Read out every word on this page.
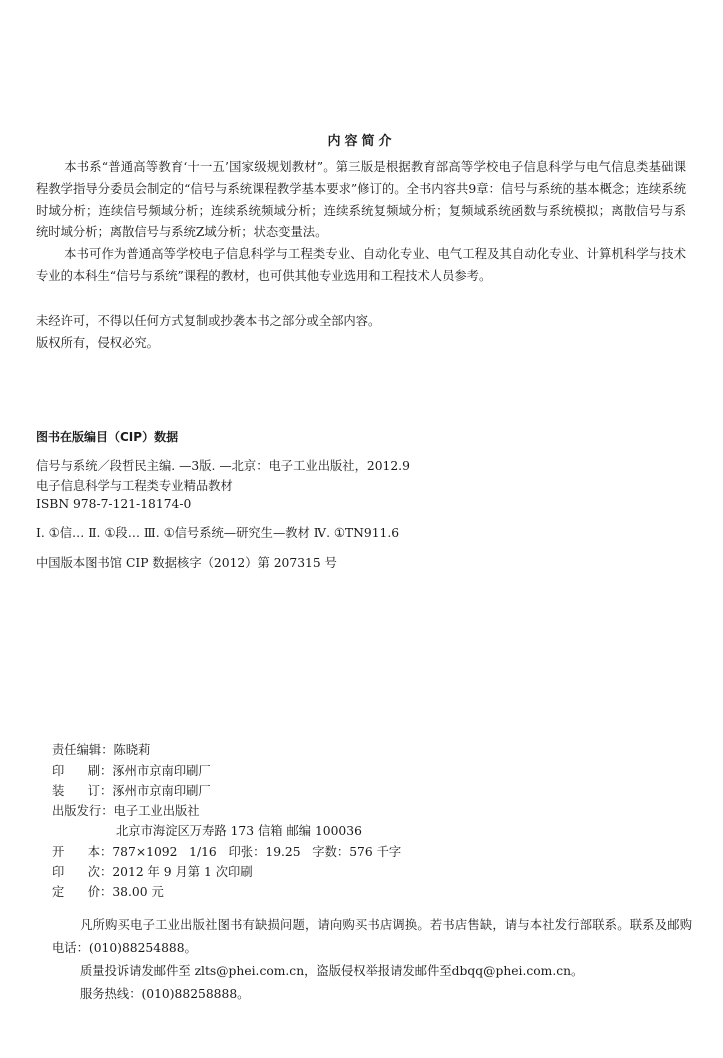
内容简介

本书系“普通高等教育‘十一五’国家级规划教材”。第三版是根据教育部高等学校电子信息科学与电气信息类基础课程教学指导分委员会制定的“信号与系统课程教学基本要求”修订的。全书内容共9章：信号与系统的基本概念；连续系统时域分析；连续信号频域分析；连续系统频域分析；连续系统复频域分析；复频域系统函数与系统模拟；离散信号与系统时域分析；离散信号与系统Z域分析；状态变量法。

本书可作为普通高等学校电子信息科学与工程类专业、自动化专业、电气工程及其自动化专业、计算机科学与技术专业的本科生“信号与系统”课程的教材，也可供其他专业选用和工程技术人员参考。

未经许可，不得以任何方式复制或抄袭本书之部分或全部内容。
版权所有，侵权必究。
图书在版编目（CIP）数据
信号与系统／段哲民主编. —3版. —北京：电子工业出版社，2012.9
电子信息科学与工程类专业精品教材
ISBN 978-7-121-18174-0
Ⅰ. ①信… Ⅱ. ①段… Ⅲ. ①信号系统—研究生—教材 Ⅳ. ①TN911.6
中国版本图书馆 CIP 数据核字（2012）第 207315 号
责任编辑：陈晓莉
印      刷：涿州市京南印刷厂
装      订：涿州市京南印刷厂
出版发行：电子工业出版社
北京市海淀区万寿路 173 信箱 邮编 100036
开      本：787×1092   1/16   印张：19.25   字数：576 千字
印      次：2012 年 9 月第 1 次印刷
定      价：38.00 元

凡所购买电子工业出版社图书有缺损问题，请向购买书店调换。若书店售缺，请与本社发行部联系。联系及邮购电话：(010)88254888。

质量投诉请发邮件至 zlts@phei.com.cn，盗版侵权举报请发邮件至dbqq@phei.com.cn。

服务热线：(010)88258888。
